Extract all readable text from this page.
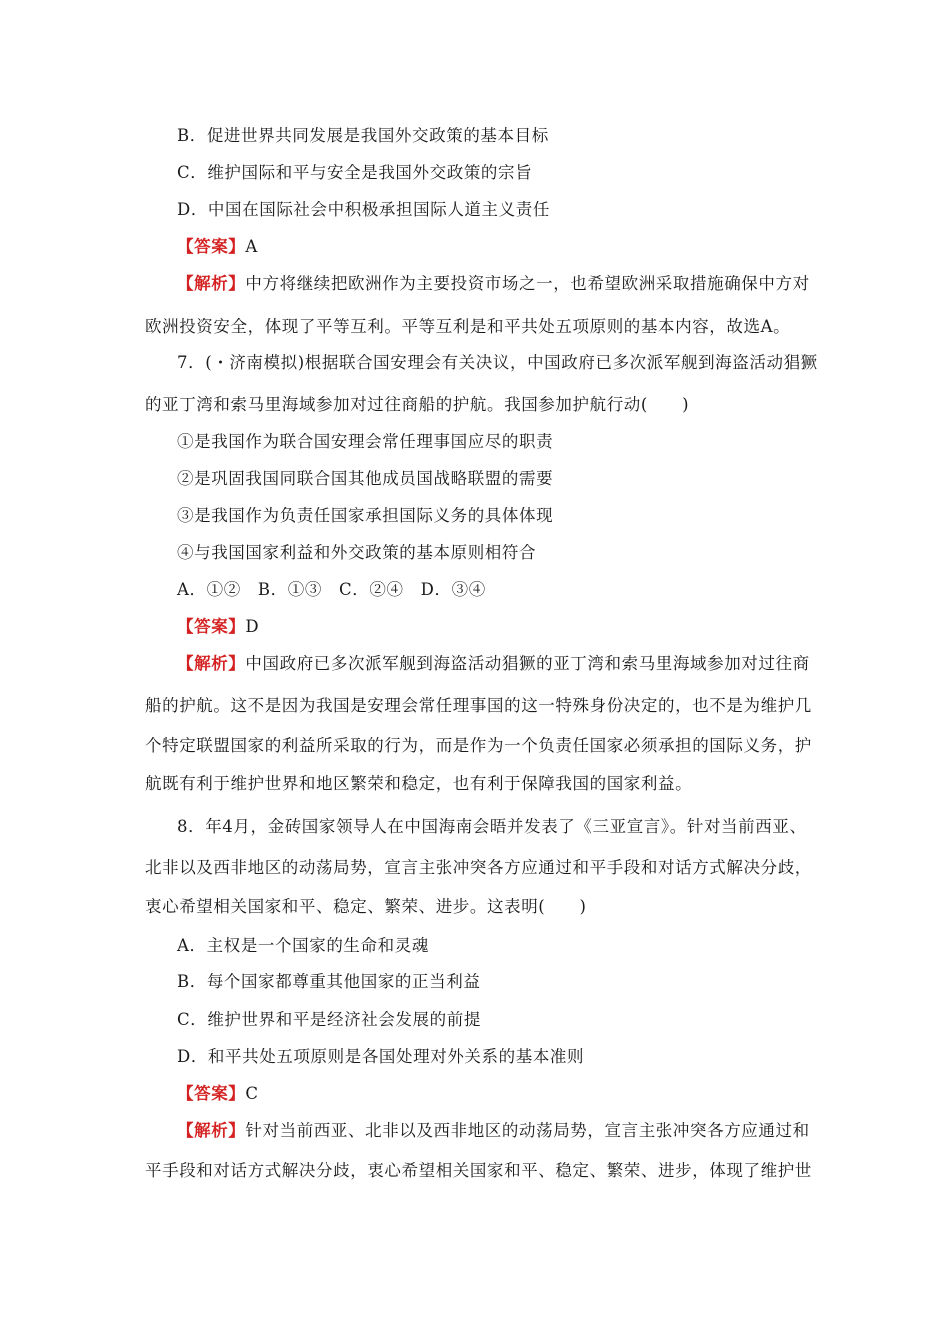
B．促进世界共同发展是我国外交政策的基本目标
C．维护国际和平与安全是我国外交政策的宗旨
D．中国在国际社会中积极承担国际人道主义责任
【答案】A
【解析】中方将继续把欧洲作为主要投资市场之一，也希望欧洲采取措施确保中方对
欧洲投资安全，体现了平等互利。平等互利是和平共处五项原则的基本内容，故选A。
7．(・济南模拟)根据联合国安理会有关决议，中国政府已多次派军舰到海盗活动猖獗
的亚丁湾和索马里海域参加对过往商船的护航。我国参加护航行动(　　)
①是我国作为联合国安理会常任理事国应尽的职责
②是巩固我国同联合国其他成员国战略联盟的需要
③是我国作为负责任国家承担国际义务的具体体现
④与我国国家利益和外交政策的基本原则相符合
A．①②　B．①③　C．②④　D．③④
【答案】D
【解析】中国政府已多次派军舰到海盗活动猖獗的亚丁湾和索马里海域参加对过往商
船的护航。这不是因为我国是安理会常任理事国的这一特殊身份决定的，也不是为维护几
个特定联盟国家的利益所采取的行为，而是作为一个负责任国家必须承担的国际义务，护
航既有利于维护世界和地区繁荣和稳定，也有利于保障我国的国家利益。
8．年4月，金砖国家领导人在中国海南会晤并发表了《三亚宣言》。针对当前西亚、
北非以及西非地区的动荡局势，宣言主张冲突各方应通过和平手段和对话方式解决分歧，
衷心希望相关国家和平、稳定、繁荣、进步。这表明(　　)
A．主权是一个国家的生命和灵魂
B．每个国家都尊重其他国家的正当利益
C．维护世界和平是经济社会发展的前提
D．和平共处五项原则是各国处理对外关系的基本准则
【答案】C
【解析】针对当前西亚、北非以及西非地区的动荡局势，宣言主张冲突各方应通过和
平手段和对话方式解决分歧，衷心希望相关国家和平、稳定、繁荣、进步，体现了维护世
